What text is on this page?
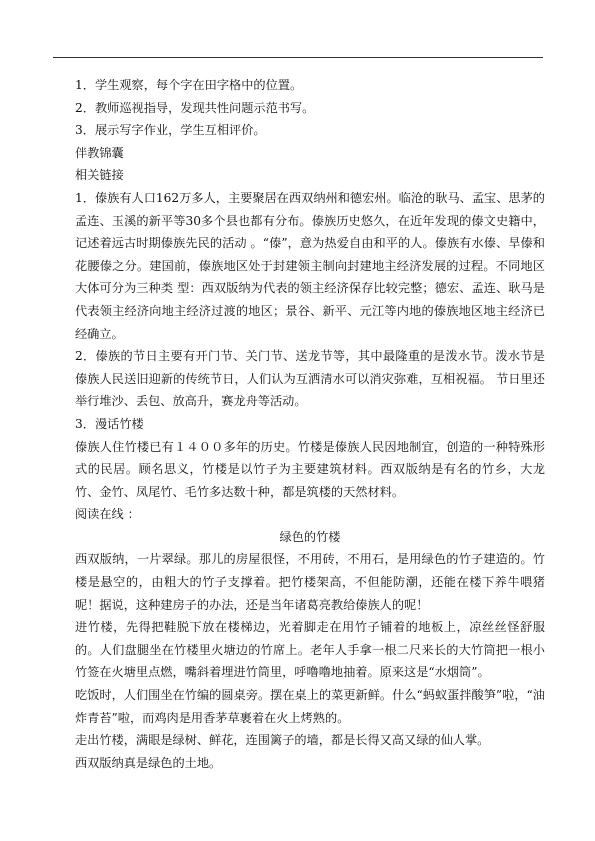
1．学生观察，每个字在田字格中的位置。

2．教师巡视指导，发现共性问题示范书写。

3．展示写字作业，学生互相评价。

伴教锦囊

相关链接

1．傣族有人口162万多人，主要聚居在西双纳州和德宏州。临沧的耿马、孟宝、思茅的孟连、玉溪的新平等30多个县也都有分布。傣族历史悠久，在近年发现的傣文史籍中，记述着远古时期傣族先民的活动 。“傣”，意为热爱自由和平的人。傣族有水傣、旱傣和花腰傣之分。建国前，傣族地区处于封建领主制向封建地主经济发展的过程。不同地区大体可分为三种类 型：西双版纳为代表的领主经济保存比较完整；德宏、孟连、耿马是代表领主经济向地主经济过渡的地区；景谷、新平、元江等内地的傣族地区地主经济已经确立。

2．傣族的节日主要有开门节、关门节、送龙节等，其中最隆重的是泼水节。泼水节是傣族人民送旧迎新的传统节日，人们认为互洒清水可以消灾弥难，互相祝福。 节日里还举行堆沙、丢包、放高升，赛龙舟等活动。

3．漫话竹楼

傣族人住竹楼已有１４００多年的历史。竹楼是傣族人民因地制宜，创造的一种特殊形式的民居。顾名思义，竹楼是以竹子为主要建筑材料。西双版纳是有名的竹乡，大龙竹、金竹、凤尾竹、毛竹多达数十种，都是筑楼的天然材料。

阅读在线 ：

绿色的竹楼

西双版纳，一片翠绿。那儿的房屋很怪，不用砖，不用石，是用绿色的竹子建造的。竹楼是悬空的，由粗大的竹子支撑着。把竹楼架高，不但能防潮，还能在楼下养牛喂猪呢！据说，这种建房子的办法，还是当年诸葛亮教给傣族人的呢！

进竹楼，先得把鞋脱下放在楼梯边，光着脚走在用竹子铺着的地板上，凉丝丝怪舒服的。人们盘腿坐在竹楼里火塘边的竹席上。老年人手拿一根二尺来长的大竹筒把一根小竹签在火塘里点燃，嘴斜着埋进竹筒里，呼噜噜地抽着。原来这是“水烟筒”。

吃饭时，人们围坐在竹编的圆桌旁。摆在桌上的菜更新鲜。什么“蚂蚁蛋拌酸笋”啦，“油炸青苔”啦，而鸡肉是用香茅草裹着在火上烤熟的。

走出竹楼，满眼是绿树、鲜花，连围篱子的墙，都是长得又高又绿的仙人掌。

西双版纳真是绿色的土地。
